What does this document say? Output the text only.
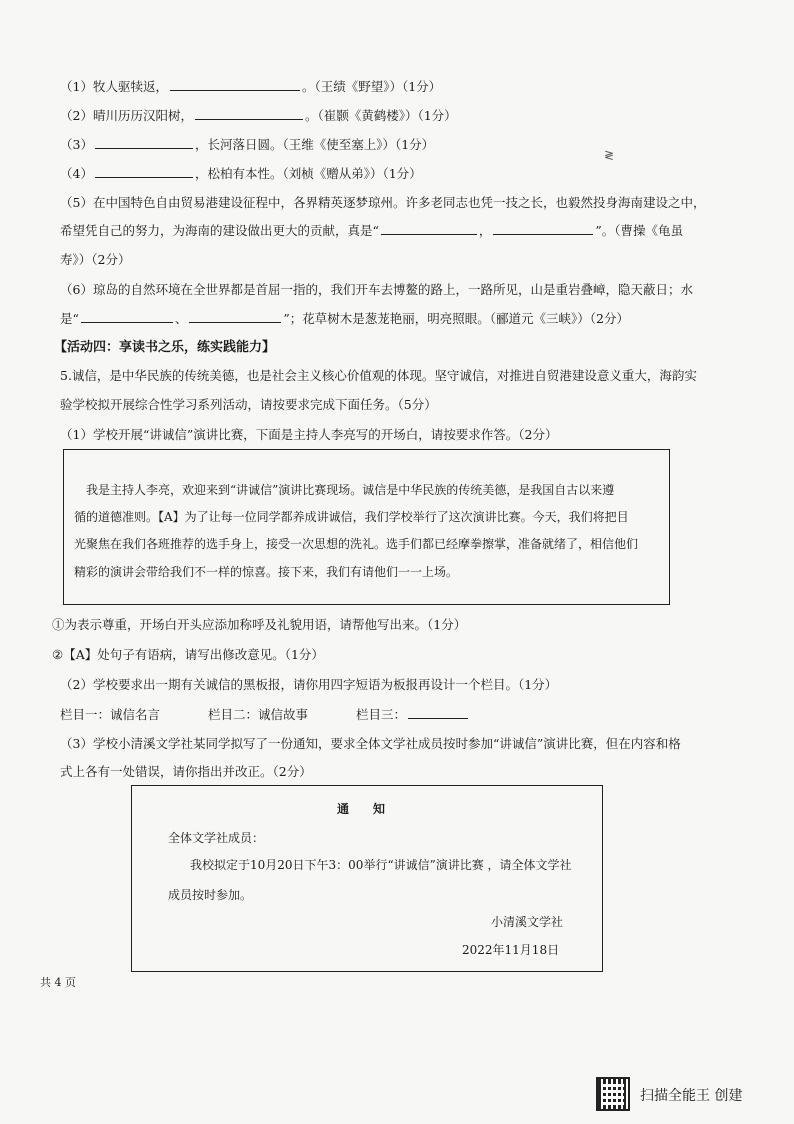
≷
（1）牧人驱犊返，	。（王绩《野望》）（1分）
（2）晴川历历汉阳树，	。（崔颢《黄鹤楼》）（1分）
（3）	，长河落日圆。（王维《使至塞上》）（1分）
（4）	，松柏有本性。（刘桢《赠从弟》）（1分）
（5）在中国特色自由贸易港建设征程中，各界精英逐梦琼州。许多老同志也凭一技之长，也毅然投身海南建设之中，
希望凭自己的努力，为海南的建设做出更大的贡献，真是“	，	”。（曹操《龟虽
寿》）（2分）
（6）琼岛的自然环境在全世界都是首屈一指的，我们开车去博鳌的路上，一路所见，山是重岩叠嶂，隐天蔽日；水
是“	、	”；花草树木是葱茏艳丽，明亮照眼。（郦道元《三峡》）（2分）
【活动四：享读书之乐，练实践能力】
5.诚信，是中华民族的传统美德，也是社会主义核心价值观的体现。坚守诚信，对推进自贸港建设意义重大，海韵实
验学校拟开展综合性学习系列活动，请按要求完成下面任务。（5分）
（1）学校开展“讲诚信”演讲比赛，下面是主持人李亮写的开场白，请按要求作答。（2分）

我是主持人李亮，欢迎来到“讲诚信”演讲比赛现场。诚信是中华民族的传统美德，是我国自古以来遵

循的道德准则。【A】为了让每一位同学都养成讲诚信，我们学校举行了这次演讲比赛。今天，我们将把目

光聚焦在我们各班推荐的选手身上，接受一次思想的洗礼。选手们都已经摩拳擦掌，准备就绪了，相信他们

精彩的演讲会带给我们不一样的惊喜。接下来，我们有请他们一一上场。

①为表示尊重，开场白开头应添加称呼及礼貌用语，请帮他写出来。（1分）
②【A】处句子有语病，请写出修改意见。（1分）
（2）学校要求出一期有关诚信的黑板报，请你用四字短语为板报再设计一个栏目。（1分）
栏目一：诚信名言	栏目二：诚信故事	栏目三：
（3）学校小清溪文学社某同学拟写了一份通知，要求全体文学社成员按时参加“讲诚信”演讲比赛，但在内容和格
式上各有一处错误，请你指出并改正。（2分）
通　　知
全体文学社成员：
我校拟定于10月20日下午3：00举行“讲诚信”演讲比赛 ，请全体文学社
成员按时参加。
小清溪文学社
2022年11月18日
共 4 页
扫描全能王 创建
